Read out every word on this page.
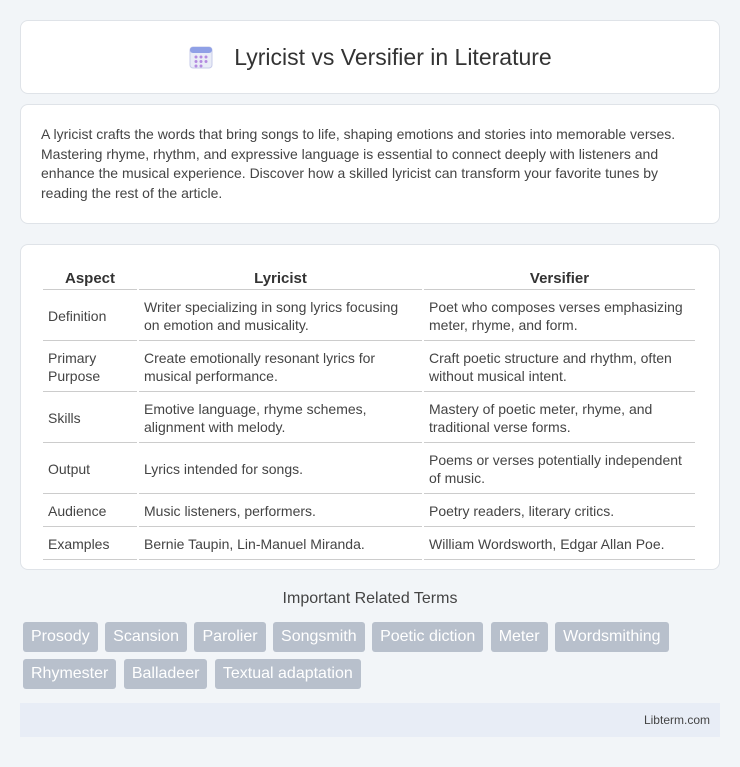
Lyricist vs Versifier in Literature

A lyricist crafts the words that bring songs to life, shaping emotions and stories into memorable verses. Mastering rhyme, rhythm, and expressive language is essential to connect deeply with listeners and enhance the musical experience. Discover how a skilled lyricist can transform your favorite tunes by reading the rest of the article.

Aspect	Lyricist	Versifier
Definition	Writer specializing in song lyrics focusing on emotion and musicality.	Poet who composes verses emphasizing meter, rhyme, and form.
Primary Purpose	Create emotionally resonant lyrics for musical performance.	Craft poetic structure and rhythm, often without musical intent.
Skills	Emotive language, rhyme schemes, alignment with melody.	Mastery of poetic meter, rhyme, and traditional verse forms.
Output	Lyrics intended for songs.	Poems or verses potentially independent of music.
Audience	Music listeners, performers.	Poetry readers, literary critics.
Examples	Bernie Taupin, Lin-Manuel Miranda.	William Wordsworth, Edgar Allan Poe.
Important Related Terms
Prosody Scansion Parolier Songsmith Poetic diction Meter Wordsmithing Rhymester Balladeer Textual adaptation
Libterm.com
